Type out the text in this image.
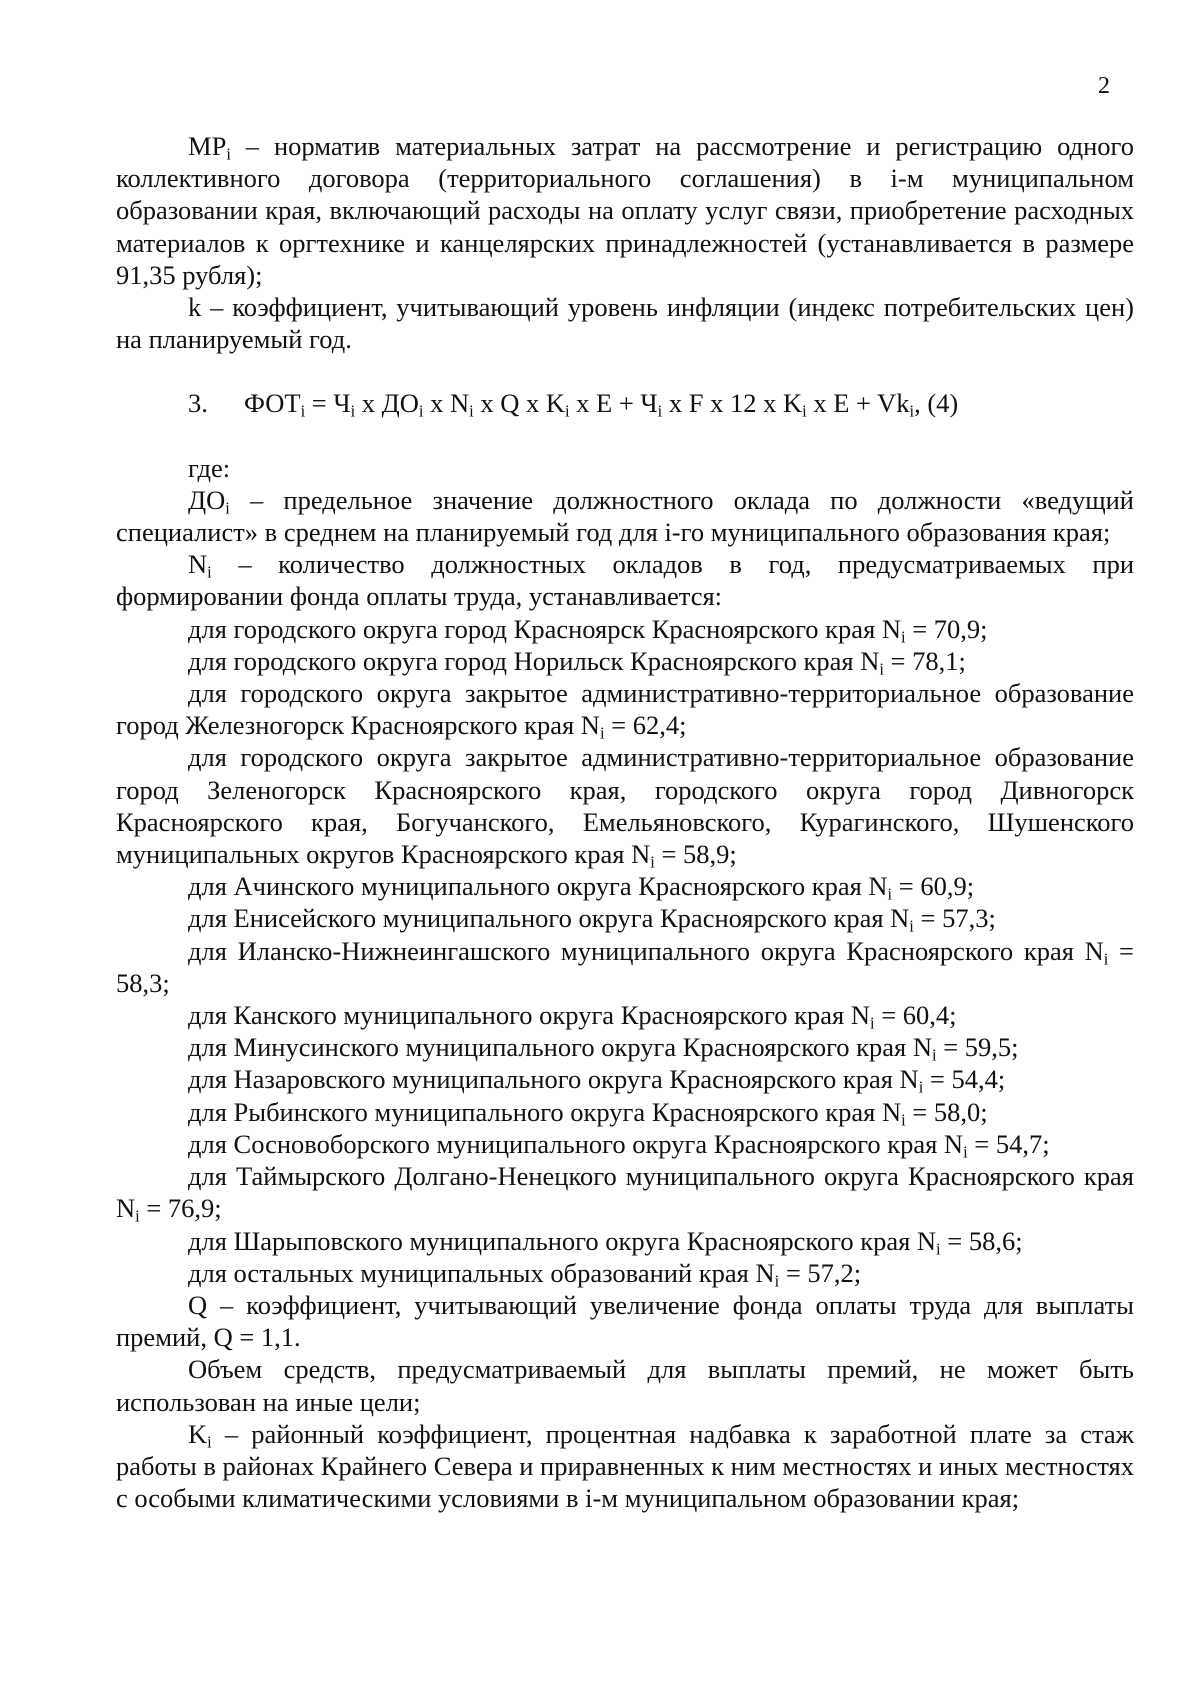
2

$MP_i$ – норматив материальных затрат на рассмотрение и регистрацию одного коллективного договора (территориального соглашения) в i-м муниципальном образовании края, включающий расходы на оплату услуг связи, приобретение расходных материалов к оргтехнике и канцелярских принадлежностей (устанавливается в размере 91,35 рубля);

k – коэффициент, учитывающий уровень инфляции (индекс потребительских цен) на планируемый год.

3. $ФОТ_i = Ч_i$ x $ДО_i$ x $N_i$ x Q x $K_i$ x $E + Ч_i$ x F x 12 x $K_i$ x $E + Vk_i$, (4)

где:

$ДО_i$ – предельное значение должностного оклада по должности «ведущий специалист» в среднем на планируемый год для i-го муниципального образования края;

$N_i$ – количество должностных окладов в год, предусматриваемых при формировании фонда оплаты труда, устанавливается:

для городского округа город Красноярск Красноярского края $N_i = 70,9$;

для городского округа город Норильск Красноярского края $N_i = 78,1$;

для городского округа закрытое административно-территориальное образование город Железногорск Красноярского края $N_i = 62,4$;

для городского округа закрытое административно-территориальное образование город Зеленогорск Красноярского края, городского округа город Дивногорск Красноярского края, Богучанского, Емельяновского, Курагинского, Шушенского муниципальных округов Красноярского края $N_i = 58,9$;

для Ачинского муниципального округа Красноярского края $N_i = 60,9$;

для Енисейского муниципального округа Красноярского края $N_i = 57,3$;

для Иланско-Нижнеингашского муниципального округа Красноярского края $N_i = 58,3$;

для Канского муниципального округа Красноярского края $N_i = 60,4$;

для Минусинского муниципального округа Красноярского края $N_i = 59,5$;

для Назаровского муниципального округа Красноярского края $N_i = 54,4$;

для Рыбинского муниципального округа Красноярского края $N_i = 58,0$;

для Сосновоборского муниципального округа Красноярского края $N_i = 54,7$;

для Таймырского Долгано-Ненецкого муниципального округа Красноярского края $N_i = 76,9$;

для Шарыповского муниципального округа Красноярского края $N_i = 58,6$;

для остальных муниципальных образований края $N_i = 57,2$;

Q – коэффициент, учитывающий увеличение фонда оплаты труда для выплаты премий, Q = 1,1.

Объем средств, предусматриваемый для выплаты премий, не может быть использован на иные цели;

$K_i$ – районный коэффициент, процентная надбавка к заработной плате за стаж работы в районах Крайнего Севера и приравненных к ним местностях и иных местностях с особыми климатическими условиями в i-м муниципальном образовании края;
